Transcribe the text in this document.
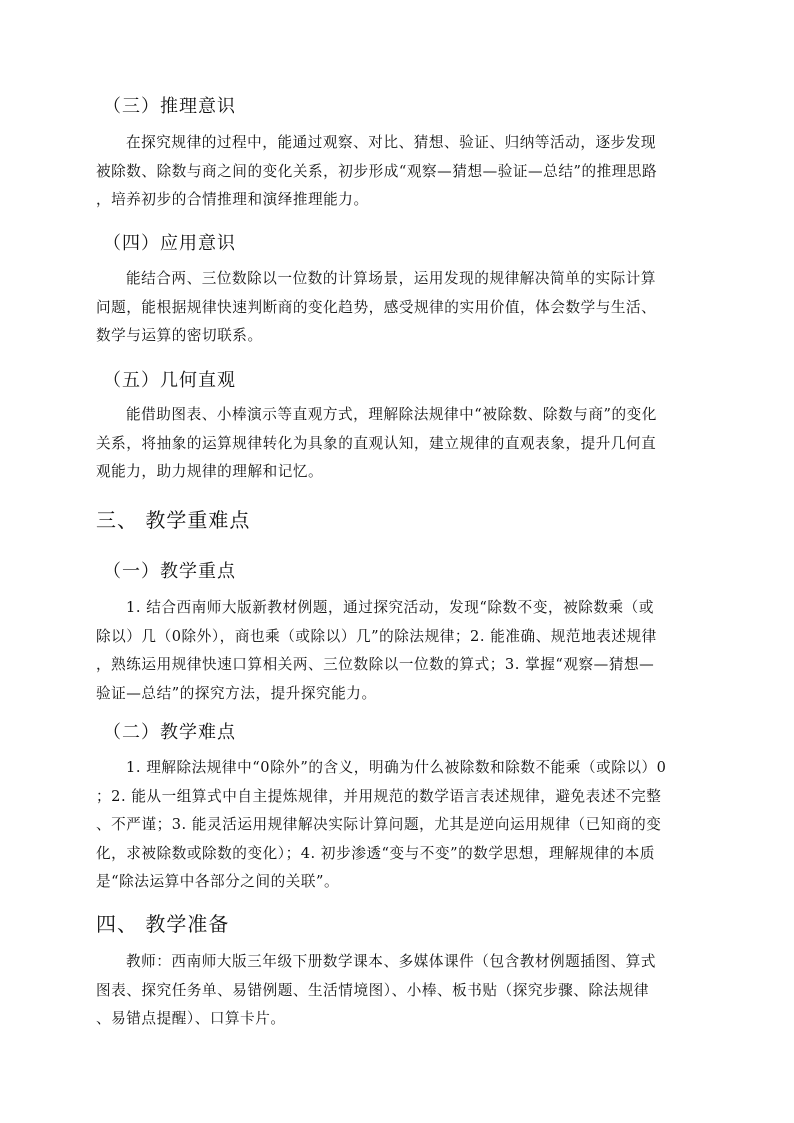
（三）推理意识
在探究规律的过程中，能通过观察、对比、猜想、验证、归纳等活动，逐步发现
被除数、除数与商之间的变化关系，初步形成“观察—猜想—验证—总结”的推理思路
，培养初步的合情推理和演绎推理能力。
（四）应用意识
能结合两、三位数除以一位数的计算场景，运用发现的规律解决简单的实际计算
问题，能根据规律快速判断商的变化趋势，感受规律的实用价值，体会数学与生活、
数学与运算的密切联系。
（五）几何直观
能借助图表、小棒演示等直观方式，理解除法规律中“被除数、除数与商”的变化
关系，将抽象的运算规律转化为具象的直观认知，建立规律的直观表象，提升几何直
观能力，助力规律的理解和记忆。
三、 教学重难点
（一）教学重点
1. 结合西南师大版新教材例题，通过探究活动，发现“除数不变，被除数乘（或
除以）几（0除外），商也乘（或除以）几”的除法规律；2. 能准确、规范地表述规律
，熟练运用规律快速口算相关两、三位数除以一位数的算式；3. 掌握“观察—猜想—
验证—总结”的探究方法，提升探究能力。
（二）教学难点
1. 理解除法规律中“0除外”的含义，明确为什么被除数和除数不能乘（或除以）0
；2. 能从一组算式中自主提炼规律，并用规范的数学语言表述规律，避免表述不完整
、不严谨；3. 能灵活运用规律解决实际计算问题，尤其是逆向运用规律（已知商的变
化，求被除数或除数的变化）；4. 初步渗透“变与不变”的数学思想，理解规律的本质
是“除法运算中各部分之间的关联”。
四、 教学准备
教师：西南师大版三年级下册数学课本、多媒体课件（包含教材例题插图、算式
图表、探究任务单、易错例题、生活情境图）、小棒、板书贴（探究步骤、除法规律
、易错点提醒）、口算卡片。
